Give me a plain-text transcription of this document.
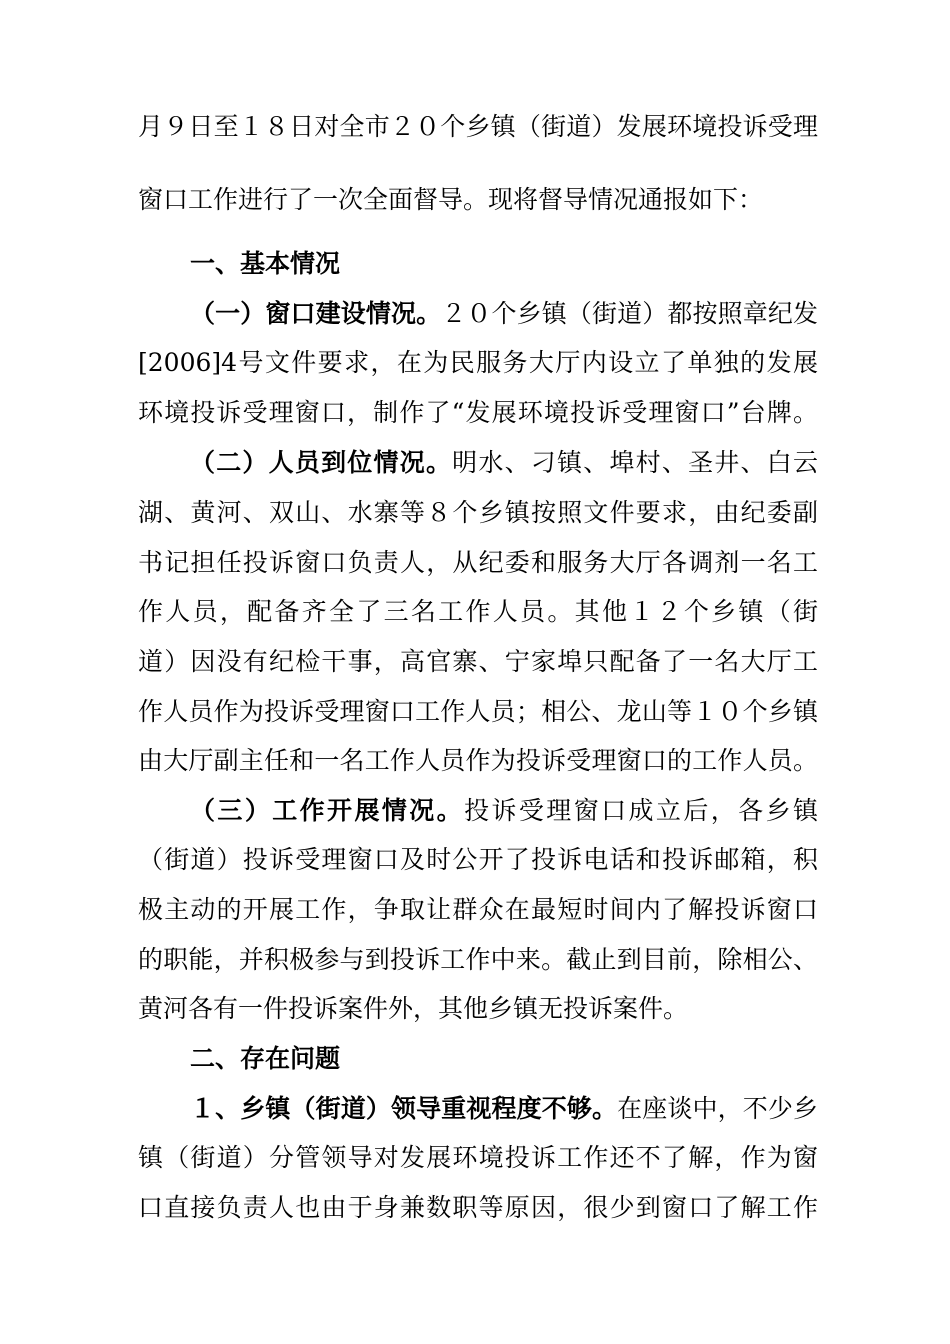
月９日至１８日对全市２０个乡镇（街道）发展环境投诉受理
窗口工作进行了一次全面督导。现将督导情况通报如下：
一、基本情况
（一）窗口建设情况。２０个乡镇（街道）都按照章纪发
[2006]4号文件要求，在为民服务大厅内设立了单独的发展
环境投诉受理窗口，制作了“发展环境投诉受理窗口”台牌。
（二）人员到位情况。明水、刁镇、埠村、圣井、白云
湖、黄河、双山、水寨等８个乡镇按照文件要求，由纪委副
书记担任投诉窗口负责人，从纪委和服务大厅各调剂一名工
作人员，配备齐全了三名工作人员。其他１２个乡镇（街
道）因没有纪检干事，高官寨、宁家埠只配备了一名大厅工
作人员作为投诉受理窗口工作人员；相公、龙山等１０个乡镇
由大厅副主任和一名工作人员作为投诉受理窗口的工作人员。
（三）工作开展情况。投诉受理窗口成立后，各乡镇
（街道）投诉受理窗口及时公开了投诉电话和投诉邮箱，积
极主动的开展工作，争取让群众在最短时间内了解投诉窗口
的职能，并积极参与到投诉工作中来。截止到目前，除相公、
黄河各有一件投诉案件外，其他乡镇无投诉案件。
二、存在问题
１、乡镇（街道）领导重视程度不够。在座谈中，不少乡
镇（街道）分管领导对发展环境投诉工作还不了解，作为窗
口直接负责人也由于身兼数职等原因，很少到窗口了解工作
